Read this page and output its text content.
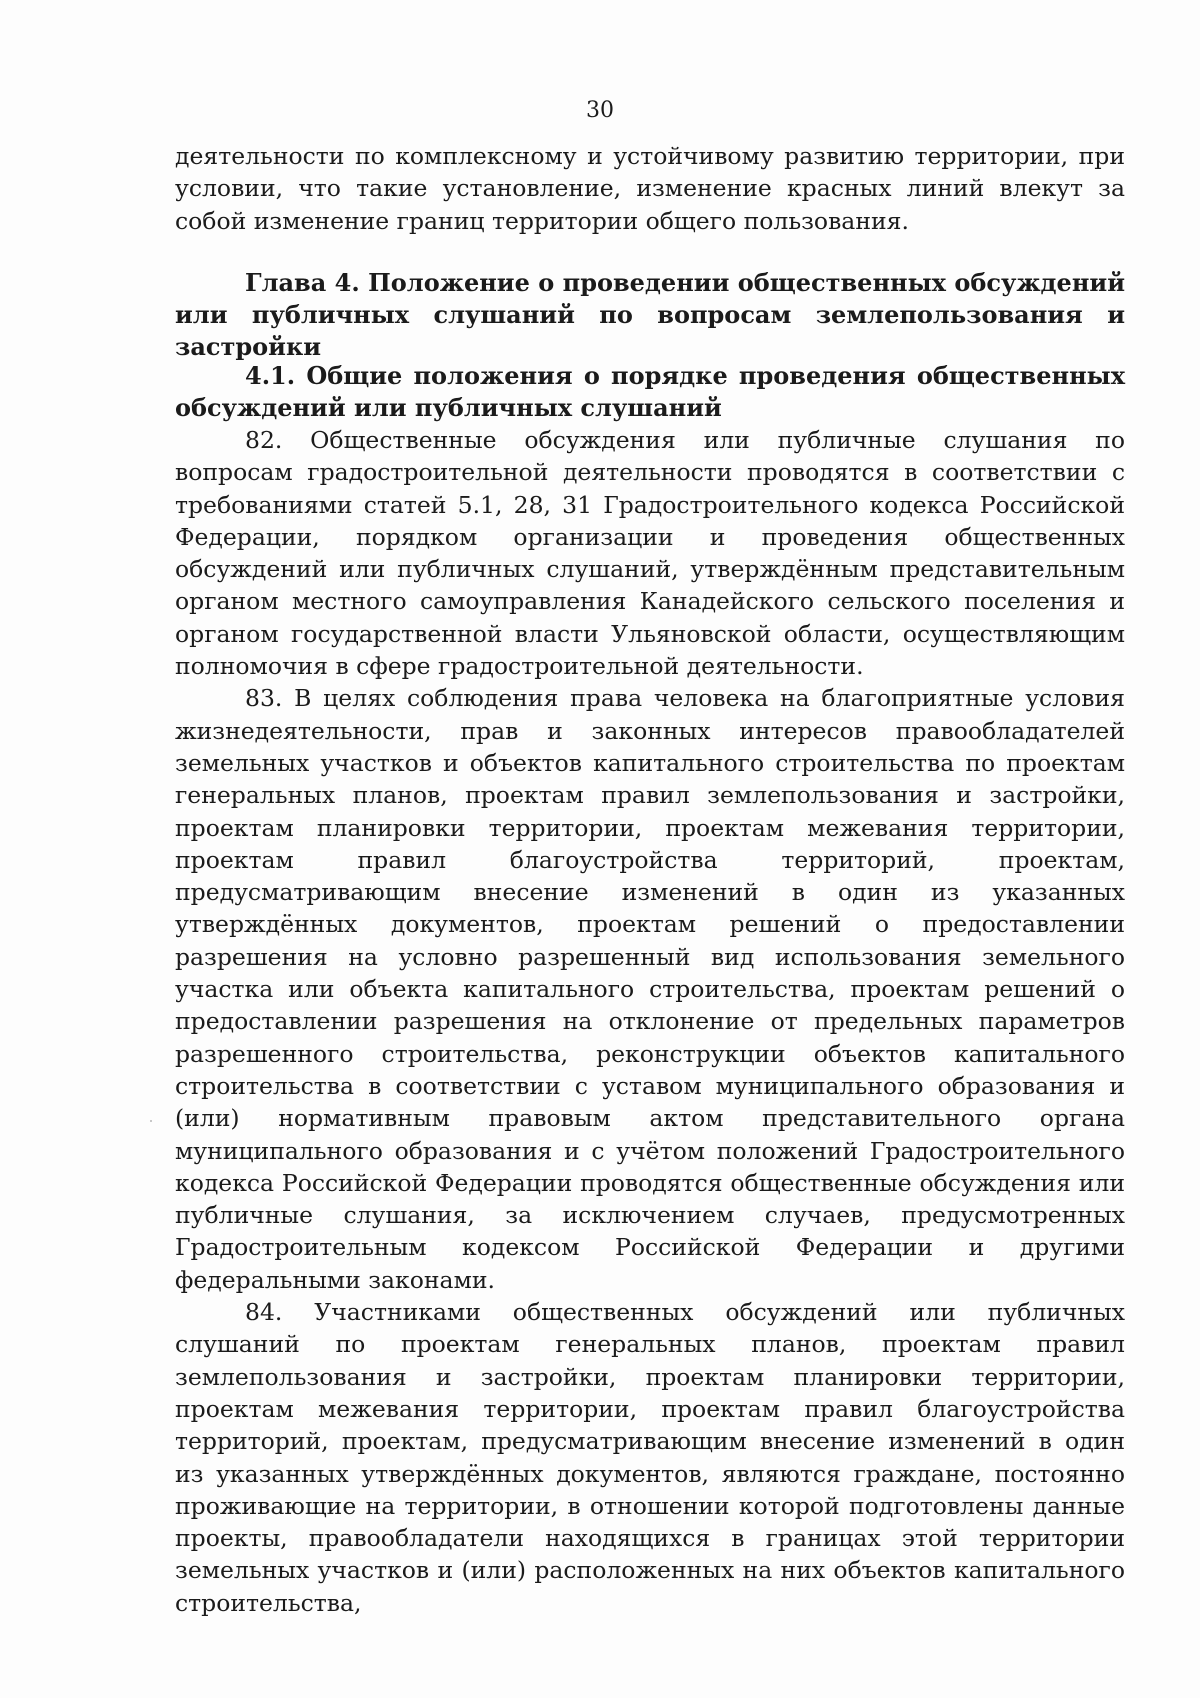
30

деятельности по комплексному и устойчивому развитию территории, при условии, что такие установление, изменение красных линий влекут за собой изменение границ территории общего пользования.

Глава 4. Положение о проведении общественных обсуждений или публичных слушаний по вопросам землепользования и застройки

4.1. Общие положения о порядке проведения общественных обсуждений или публичных слушаний

82. Общественные обсуждения или публичные слушания по вопросам градостроительной деятельности проводятся в соответствии с требованиями статей 5.1, 28, 31 Градостроительного кодекса Российской Федерации, порядком организации и проведения общественных обсуждений или публичных слушаний, утверждённым представительным органом местного самоуправления Канадейского сельского поселения и органом государственной власти Ульяновской области, осуществляющим полномочия в сфере градостроительной деятельности.

83. В целях соблюдения права человека на благоприятные условия жизнедеятельности, прав и законных интересов правообладателей земельных участков и объектов капитального строительства по проектам генеральных планов, проектам правил землепользования и застройки, проектам планировки территории, проектам межевания территории, проектам правил благоустройства территорий, проектам, предусматривающим внесение изменений в один из указанных утверждённых документов, проектам решений о предоставлении разрешения на условно разрешенный вид использования земельного участка или объекта капитального строительства, проектам решений о предоставлении разрешения на отклонение от предельных параметров разрешенного строительства, реконструкции объектов капитального строительства в соответствии с уставом муниципального образования и (или) нормативным правовым актом представительного органа муниципального образования и с учётом положений Градостроительного кодекса Российской Федерации проводятся общественные обсуждения или публичные слушания, за исключением случаев, предусмотренных Градостроительным кодексом Российской Федерации и другими федеральными законами.

84. Участниками общественных обсуждений или публичных слушаний по проектам генеральных планов, проектам правил землепользования и застройки, проектам планировки территории, проектам межевания территории, проектам правил благоустройства территорий, проектам, предусматривающим внесение изменений в один из указанных утверждённых документов, являются граждане, постоянно проживающие на территории, в отношении которой подготовлены данные проекты, правообладатели находящихся в границах этой территории земельных участков и (или) расположенных на них объектов капитального строительства,
